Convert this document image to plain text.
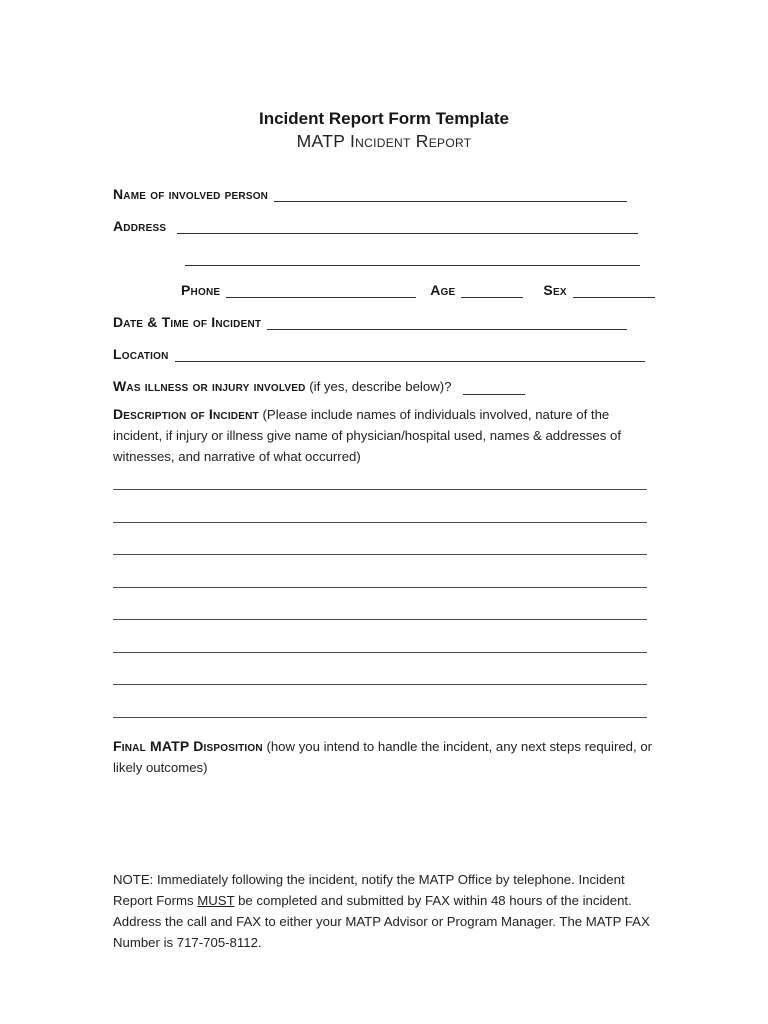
Incident Report Form Template
MATP Incident Report
Name of involved person
Address
Phone	Age	Sex
Date & Time of Incident
Location
Was illness or injury involved (if yes, describe below)?
Description of Incident (Please include names of individuals involved, nature of the incident, if injury or illness give name of physician/hospital used, names & addresses of witnesses, and narrative of what occurred)
Final MATP Disposition (how you intend to handle the incident, any next steps required, or likely outcomes)
NOTE: Immediately following the incident, notify the MATP Office by telephone. Incident Report Forms MUST be completed and submitted by FAX within 48 hours of the incident. Address the call and FAX to either your MATP Advisor or Program Manager. The MATP FAX Number is 717-705-8112.
